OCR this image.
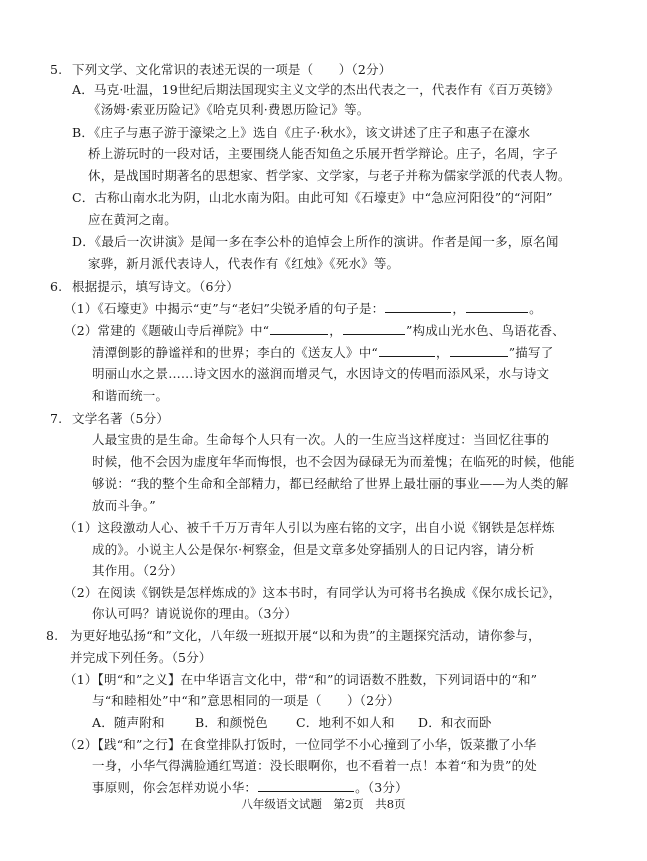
5. 下列文学、文化常识的表述无误的一项是（　　）（2分）
A．马克·吐温，19世纪后期法国现实主义文学的杰出代表之一，代表作有《百万英镑》
《汤姆·索亚历险记》《哈克贝利·费恩历险记》等。
B．《庄子与惠子游于濠梁之上》选自《庄子·秋水》，该文讲述了庄子和惠子在濠水
桥上游玩时的一段对话，主要围绕人能否知鱼之乐展开哲学辩论。庄子，名周，字子
休，是战国时期著名的思想家、哲学家、文学家，与老子并称为儒家学派的代表人物。
C．古称山南水北为阴，山北水南为阳。由此可知《石壕吏》中“急应河阳役”的“河阳”
应在黄河之南。
D．《最后一次讲演》是闻一多在李公朴的追悼会上所作的演讲。作者是闻一多，原名闻
家骅，新月派代表诗人，代表作有《红烛》《死水》等。
6. 根据提示，填写诗文。（6分）
（1）《石壕吏》中揭示“吏”与“老妇”尖锐矛盾的句子是：	，	。
（2）常建的《题破山寺后禅院》中“	，	”构成山光水色、鸟语花香、
清潭倒影的静谧祥和的世界；李白的《送友人》中“	，	”描写了
明丽山水之景……诗文因水的滋润而增灵气，水因诗文的传唱而添风采，水与诗文
和谐而统一。
7. 文学名著（5分）
人最宝贵的是生命。生命每个人只有一次。人的一生应当这样度过：当回忆往事的
时候，他不会因为虚度年华而悔恨，也不会因为碌碌无为而羞愧；在临死的时候，他能
够说：“我的整个生命和全部精力，都已经献给了世界上最壮丽的事业——为人类的解
放而斗争。”
（1）这段激动人心、被千千万万青年人引以为座右铭的文字，出自小说《钢铁是怎样炼
成的》。小说主人公是保尔·柯察金，但是文章多处穿插别人的日记内容，请分析
其作用。（2分）
（2）在阅读《钢铁是怎样炼成的》这本书时，有同学认为可将书名换成《保尔成长记》，
你认可吗？请说说你的理由。（3分）
8. 为更好地弘扬“和”文化，八年级一班拟开展“以和为贵”的主题探究活动，请你参与，
并完成下列任务。（5分）
（1）【明“和”之义】在中华语言文化中，带“和”的词语数不胜数，下列词语中的“和”
与“和睦相处”中“和”意思相同的一项是（　　）（2分）
A．随声附和 B．和颜悦色 C．地利不如人和 D．和衣而卧
（2）【践“和”之行】在食堂排队打饭时，一位同学不小心撞到了小华，饭菜撒了小华
一身，小华气得满脸通红骂道：没长眼啊你，也不看着一点！本着“和为贵”的处
事原则，你会怎样劝说小华：	。（3分）
八年级语文试题　第2页　共8页
